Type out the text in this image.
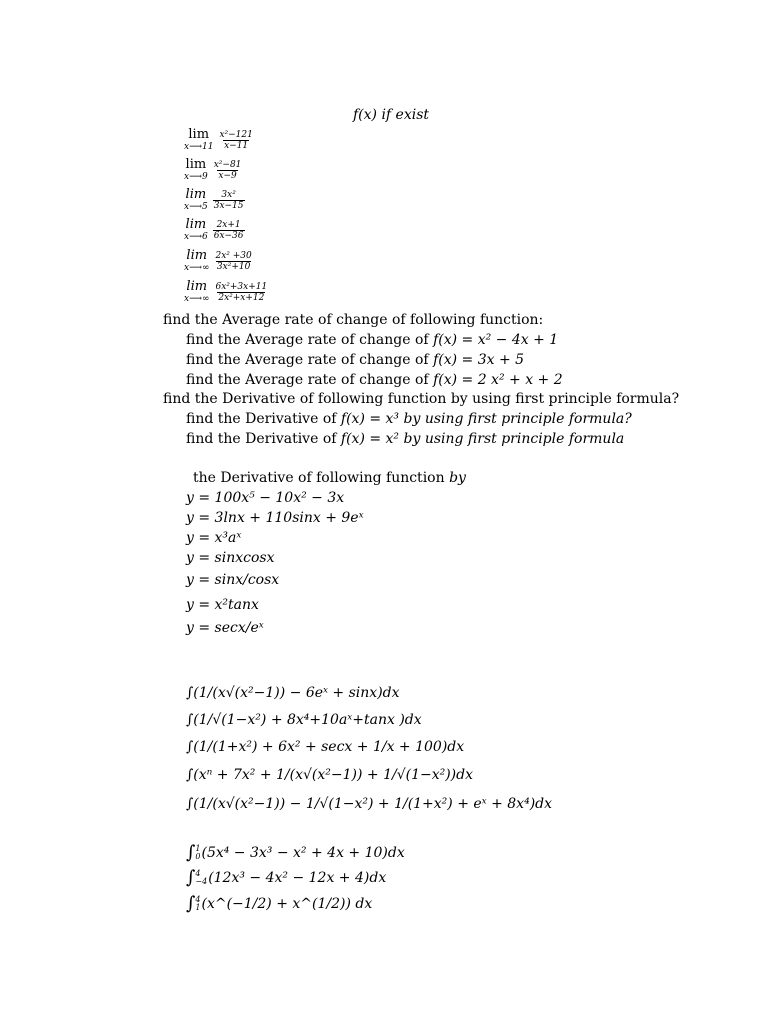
f(x) if exist
lim
x⟶11 $\frac{\text{x²−121}}{x-11}$
lim
x⟶9 $\frac{\text{x²−81}}{x-9}$
lim
x⟶5 $\frac{\text{3x²}}{3x-15}$
lim
x⟶6 $\frac{2x+1}{6x-36}$
lim
x⟶∞ $\frac{\text{2x² +30}}{\text{3x²+10}}$
lim
x⟶∞ $\frac{\text{6x²+3x+11}}{\text{2x²+x+12}}$
find the Average rate of change of following function:
find the Average rate of change of f(x) = x² − 4x + 1
find the Average rate of change of f(x) = 3x + 5
find the Average rate of change of f(x) = 2 x² + x + 2
find the Derivative of following function by using first principle formula?
find the Derivative of f(x) = x³ by using first principle formula?
find the Derivative of f(x) = x² by using first principle formula
the Derivative of following function by
y = 100x⁵ − 10x² − 3x
y = 3lnx + 110sinx + 9eˣ
y = x³aˣ
y = sinxcosx
y = sinx/cosx
y = x²tanx
y = secx/eˣ
∫(1/(x√(x²−1)) − 6eˣ + sinx)dx
∫(1/√(1−x²) + 8x⁴+10aˣ+tanx )dx
∫(1/(1+x²) + 6x² + secx + 1/x + 100)dx
∫(xⁿ + 7x² + 1/(x√(x²−1)) + 1/√(1−x²))dx
∫(1/(x√(x²−1)) − 1/√(1−x²) + 1/(1+x²) + eˣ + 8x⁴)dx
∫ 1
0 (5x⁴ − 3x³ − x² + 4x + 10)dx
∫ 4
−4 (12x³ − 4x² − 12x + 4)dx
∫ 4
1 (x^(−1/2) + x^(1/2)) dx
